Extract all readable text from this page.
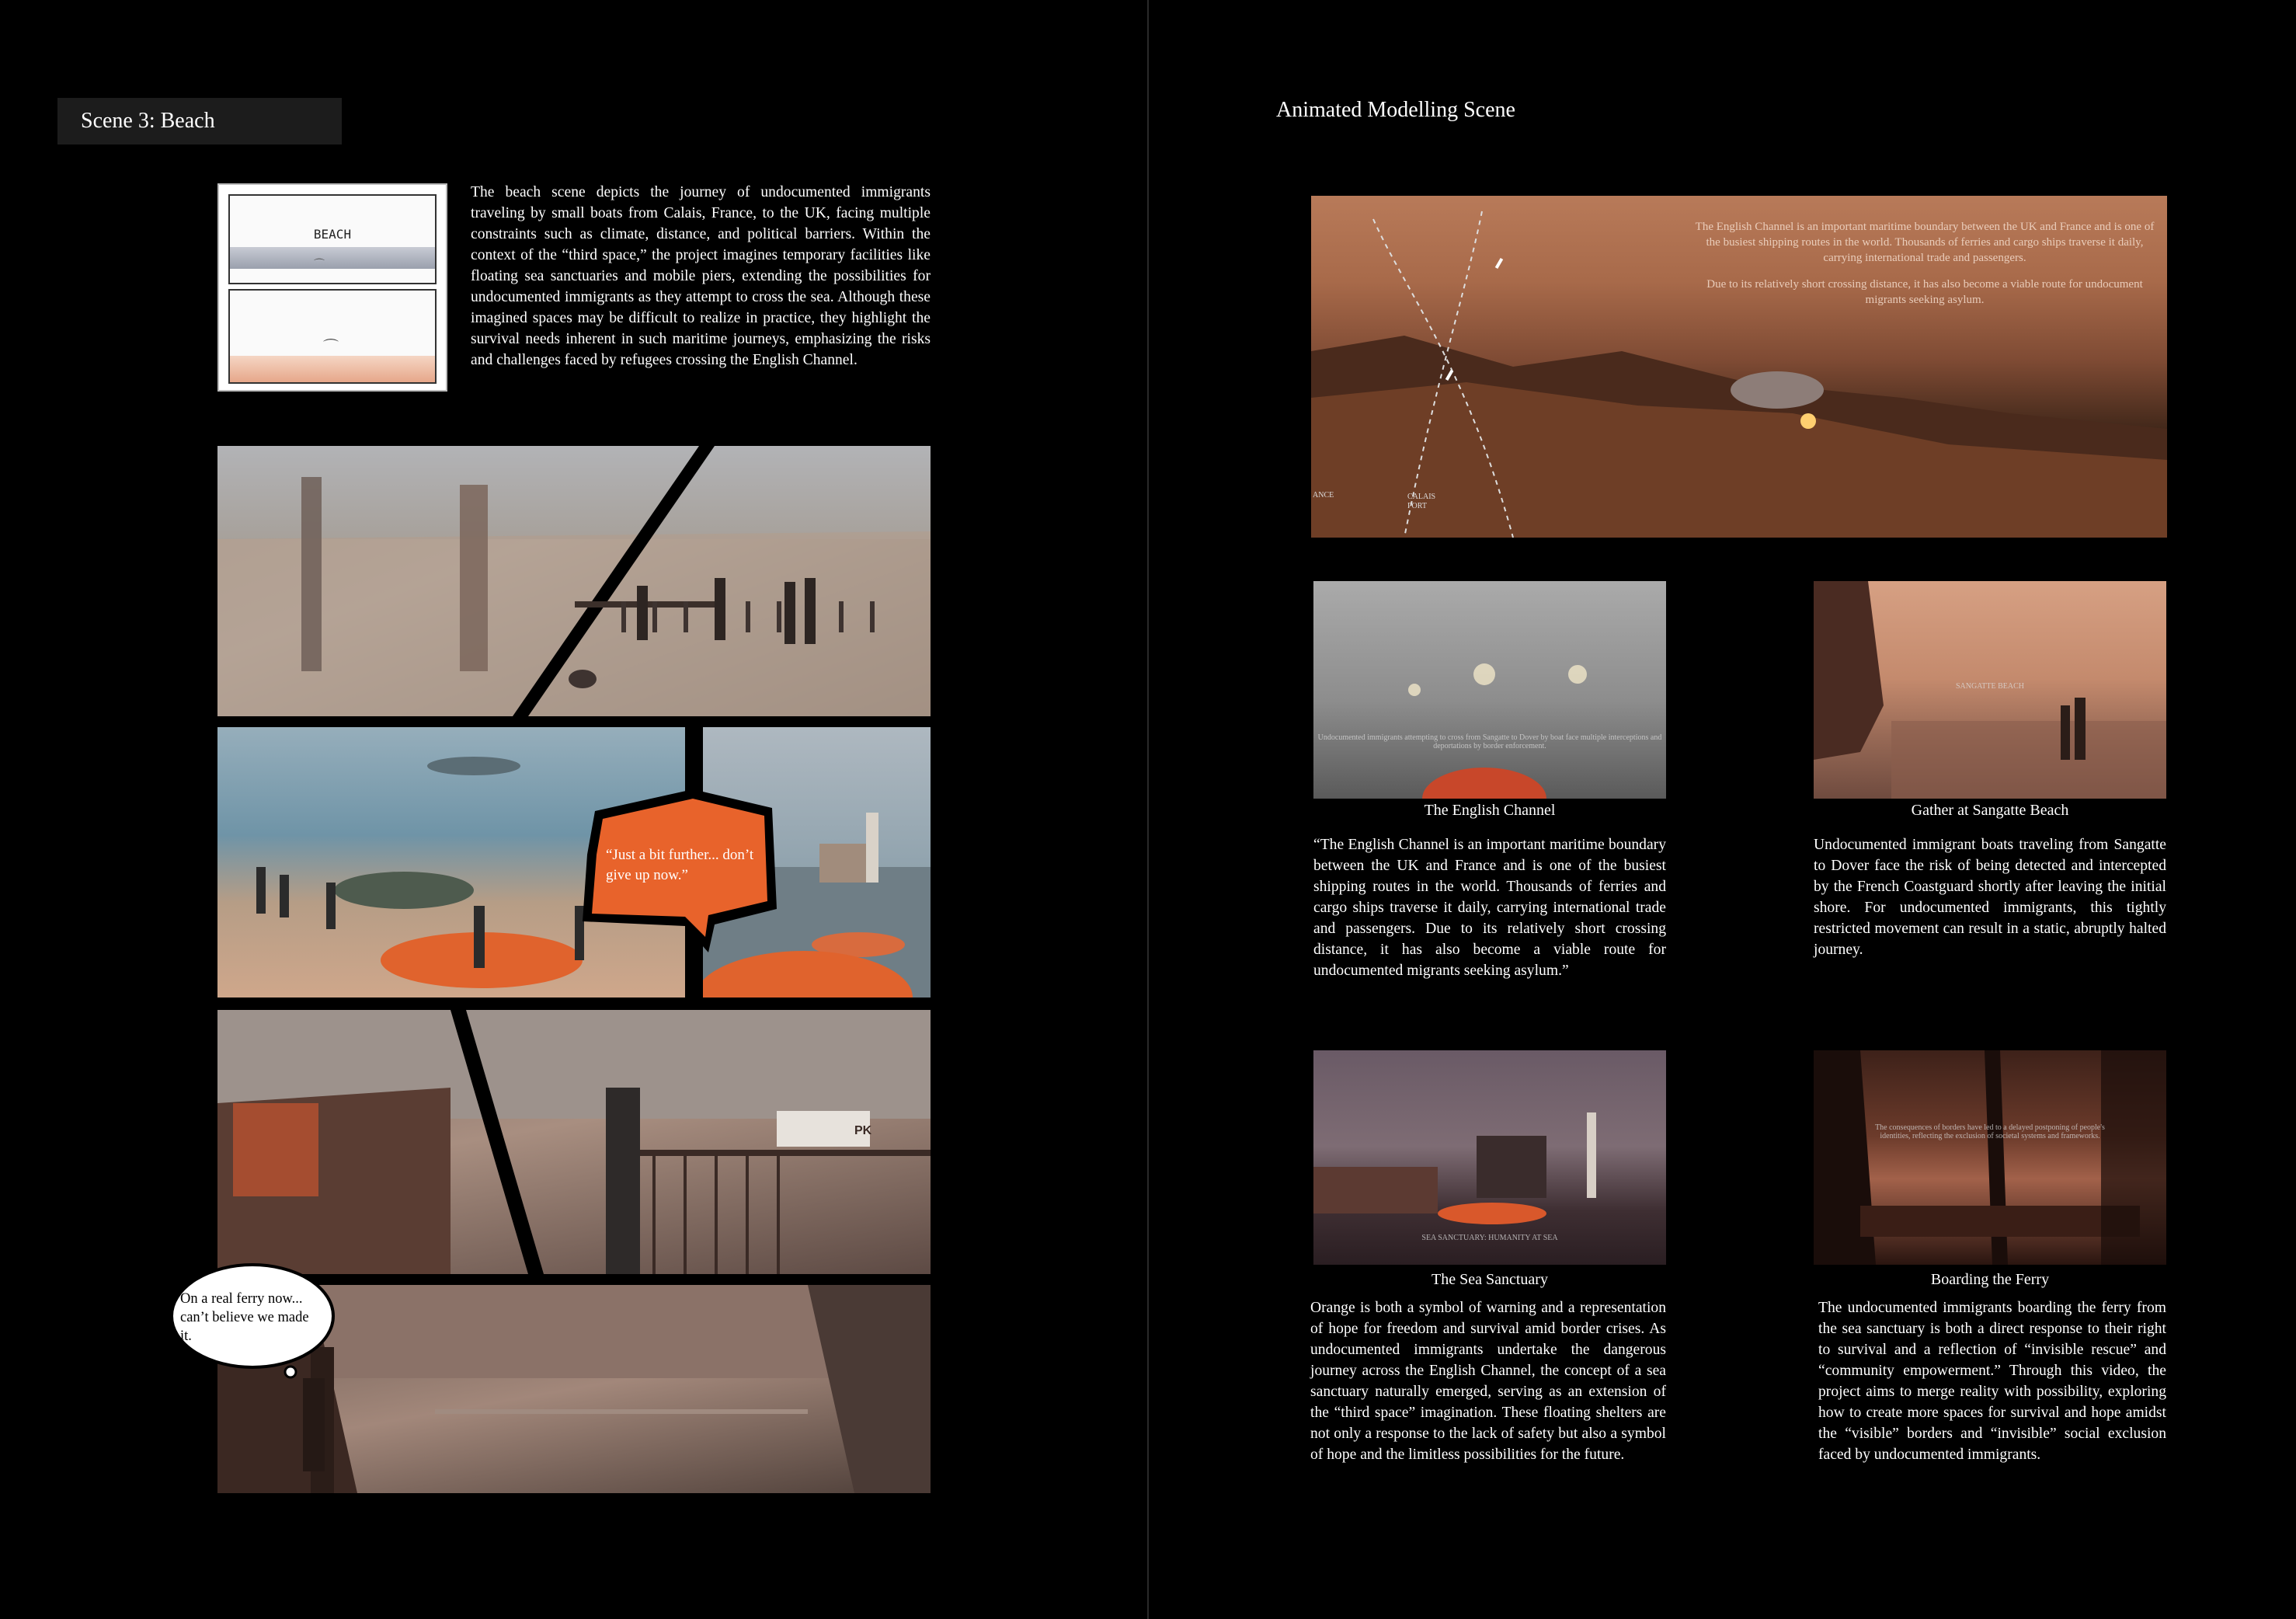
Scene 3: Beach
BEACH
⌒
⌒
The beach scene depicts the journey of undocumented immigrants traveling by small boats from Calais, France, to the UK, facing multiple constraints such as climate, distance, and political barriers. Within the context of the “third space,” the project imagines temporary facilities like floating sea sanctuaries and mobile piers, extending the possibilities for undocumented immigrants as they attempt to cross the sea. Although these imagined spaces may be difficult to realize in practice, they highlight the survival needs inherent in such maritime journeys, emphasizing the risks and challenges faced by refugees crossing the English Channel.
“Just a bit further... don’t give up now.”
PK
On a real ferry now... can’t believe we made it.
Animated Modelling Scene

The English Channel is an important maritime boundary between the UK and France and is one of the busiest shipping routes in the world. Thousands of ferries and cargo ships traverse it daily, carrying international trade and passengers.

Due to its relatively short crossing distance, it has also become a viable route for undocument migrants seeking asylum.

CALAIS PORT
ANCE
Undocumented immigrants attempting to cross from Sangatte to Dover by boat face multiple interceptions and deportations by border enforcement.
The English Channel
“The English Channel is an important maritime boundary between the UK and France and is one of the busiest shipping routes in the world. Thousands of ferries and cargo ships traverse it daily, carrying international trade and passengers. Due to its relatively short crossing distance, it has also become a viable route for undocumented migrants seeking asylum.”
SANGATTE BEACH
Gather at Sangatte Beach
Undocumented immigrant boats traveling from Sangatte to Dover face the risk of being detected and intercepted by the French Coastguard shortly after leaving the initial shore. For undocumented immigrants, this tightly restricted movement can result in a static, abruptly halted journey.
SEA SANCTUARY: HUMANITY AT SEA
The Sea Sanctuary
Orange is both a symbol of warning and a representation of hope for freedom and survival amid border crises. As undocumented immigrants undertake the dangerous journey across the English Channel, the concept of a sea sanctuary naturally emerged, serving as an extension of the “third space” imagination. These floating shelters are not only a response to the lack of safety but also a symbol of hope and the limitless possibilities for the future.
The consequences of borders have led to a delayed postponing of people's identities, reflecting the exclusion of societal systems and frameworks.
Boarding the Ferry
The undocumented immigrants boarding the ferry from the sea sanctuary is both a direct response to their right to survival and a reflection of “invisible rescue” and “community empowerment.” Through this video, the project aims to merge reality with possibility, exploring how to create more spaces for survival and hope amidst the “visible” borders and “invisible” social exclusion faced by undocumented immigrants.
